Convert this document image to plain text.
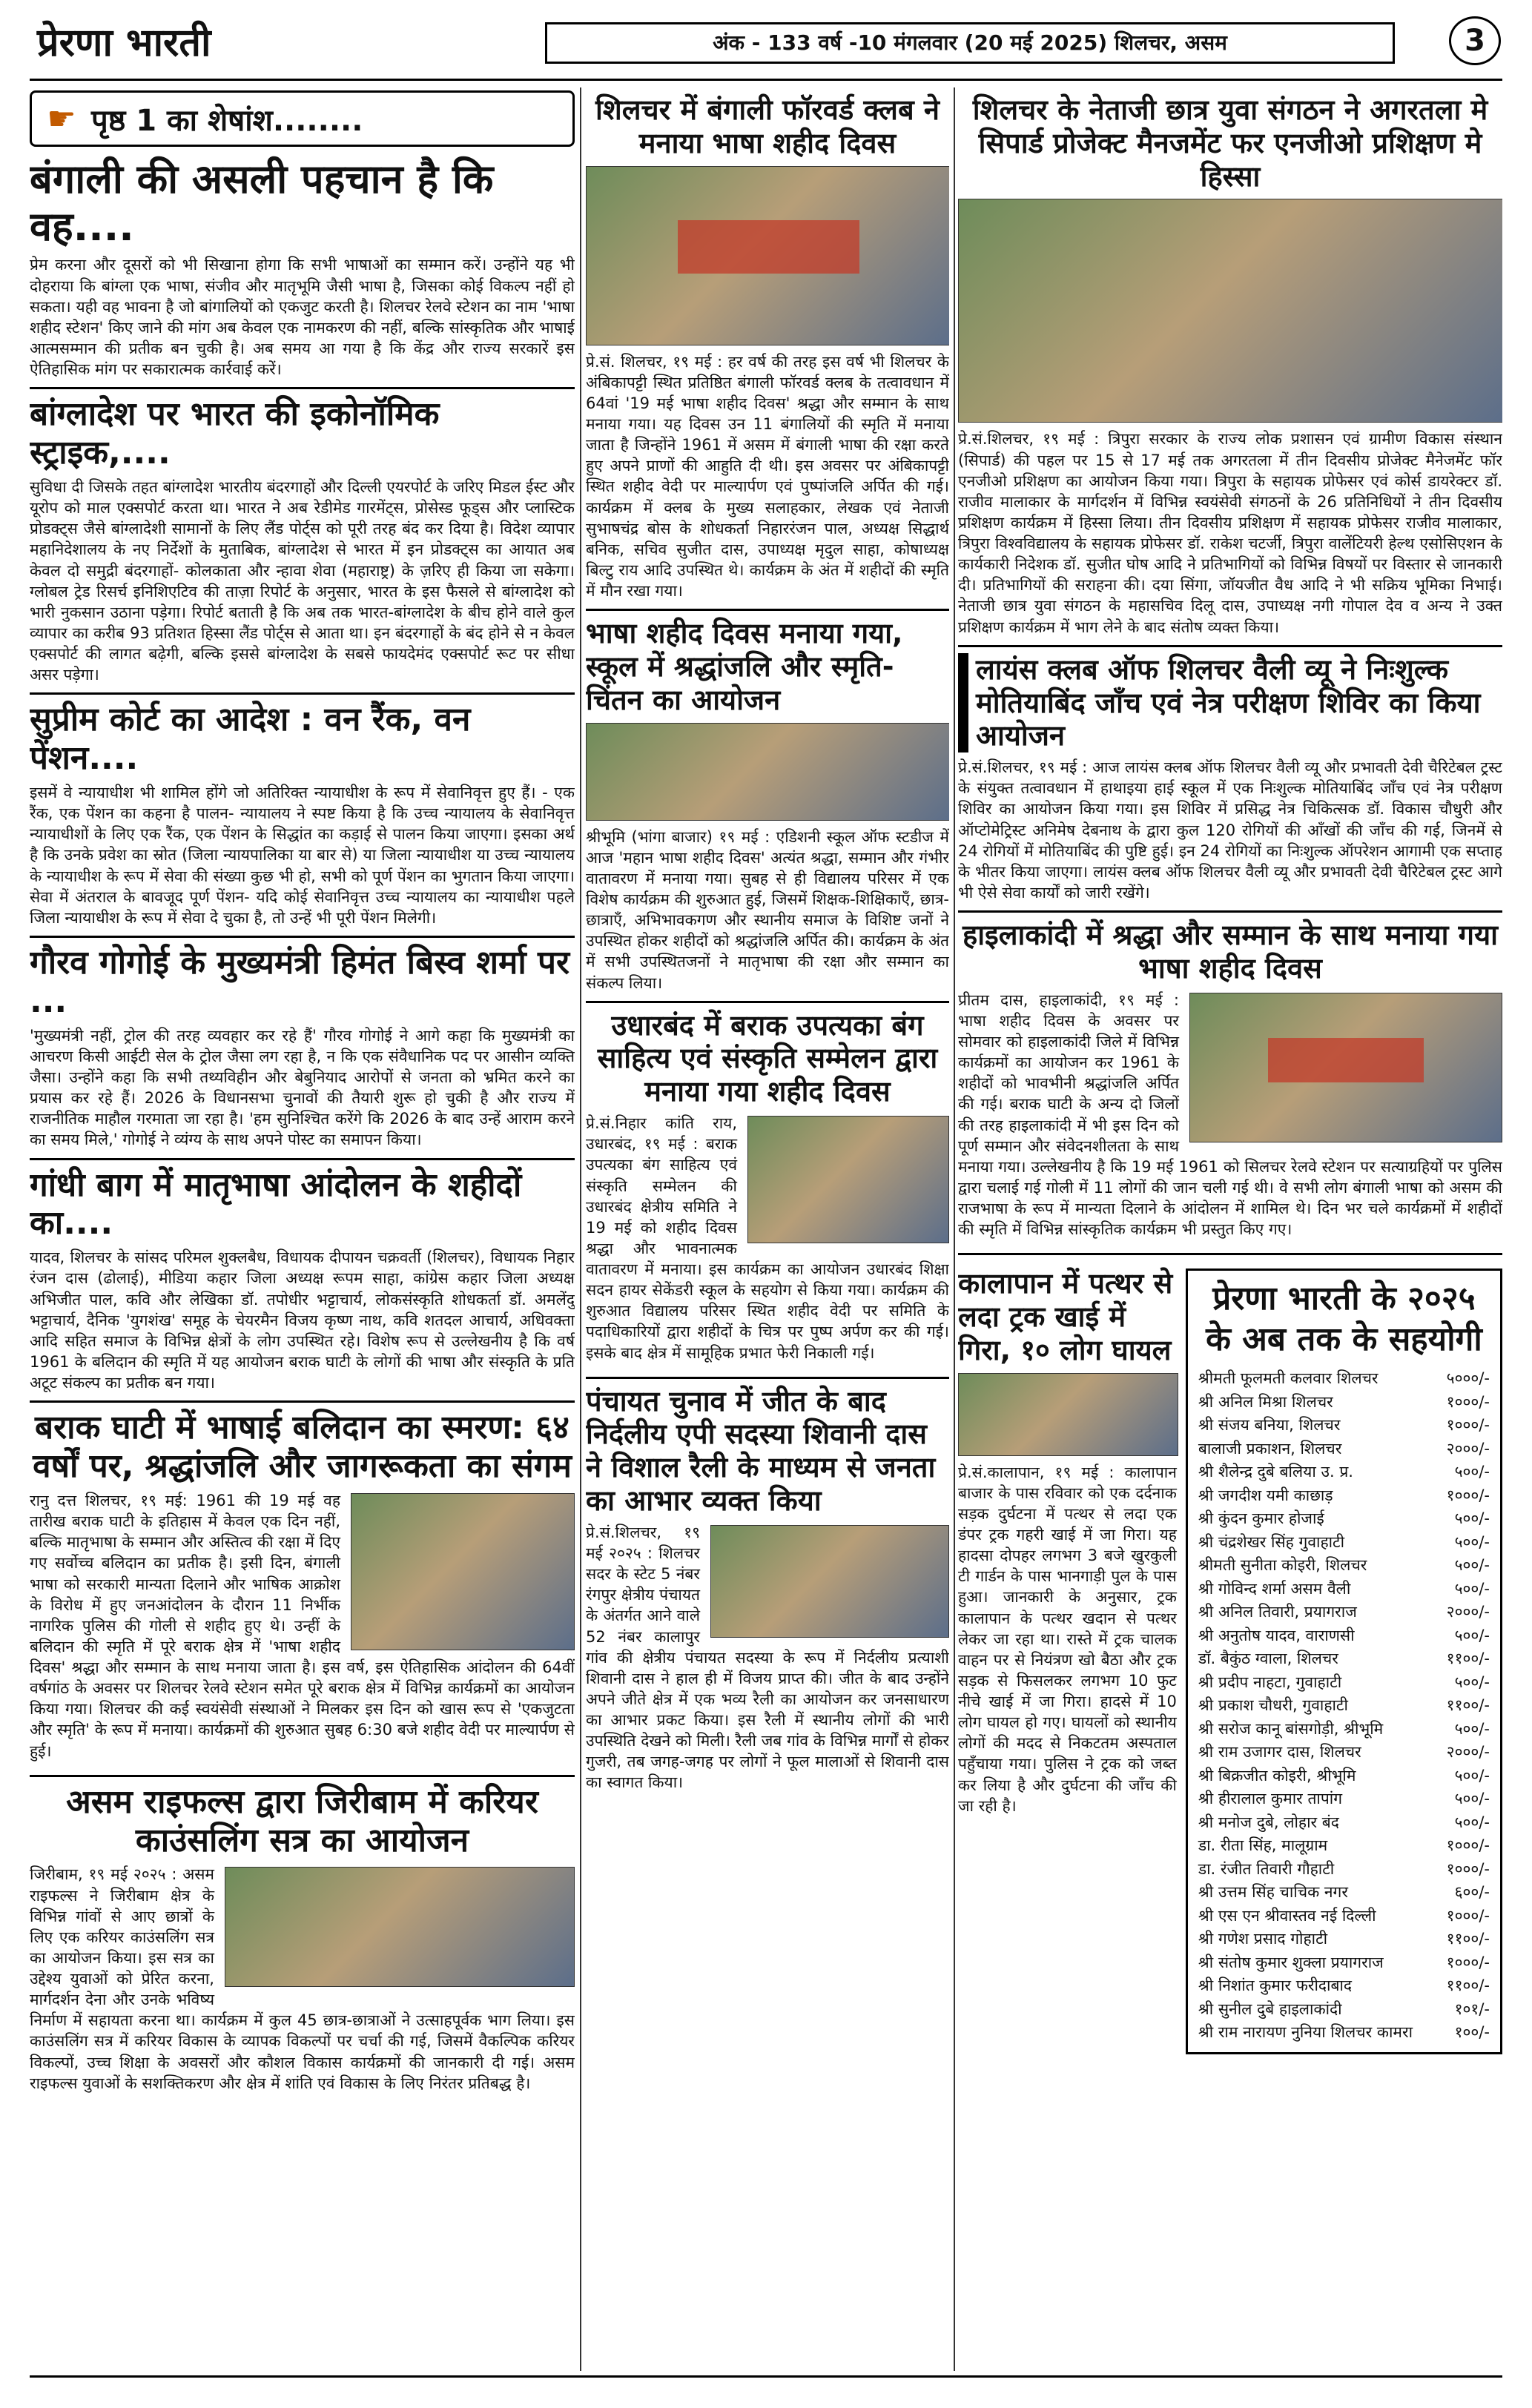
प्रेरणा भारती	अंक - 133 वर्ष -10 मंगलवार (20 मई 2025) शिलचर, असम	3
☛ पृष्ठ 1 का शेषांश........
बंगाली की असली पहचान है कि वह....

प्रेम करना और दूसरों को भी सिखाना होगा कि सभी भाषाओं का सम्मान करें। उन्होंने यह भी दोहराया कि बांग्ला एक भाषा, संजीव और मातृभूमि जैसी भाषा है, जिसका कोई विकल्प नहीं हो सकता। यही वह भावना है जो बांगालियों को एकजुट करती है। शिलचर रेलवे स्टेशन का नाम 'भाषा शहीद स्टेशन' किए जाने की मांग अब केवल एक नामकरण की नहीं, बल्कि सांस्कृतिक और भाषाई आत्मसम्मान की प्रतीक बन चुकी है। अब समय आ गया है कि केंद्र और राज्य सरकारें इस ऐतिहासिक मांग पर सकारात्मक कार्रवाई करें।

बांग्लादेश पर भारत की इकोनॉमिक स्ट्राइक,....

सुविधा दी जिसके तहत बांग्लादेश भारतीय बंदरगाहों और दिल्ली एयरपोर्ट के जरिए मिडल ईस्ट और यूरोप को माल एक्सपोर्ट करता था। भारत ने अब रेडीमेड गारमेंट्स, प्रोसेस्ड फूड्स और प्लास्टिक प्रोडक्ट्स जैसे बांग्लादेशी सामानों के लिए लैंड पोर्ट्स को पूरी तरह बंद कर दिया है। विदेश व्यापार महानिदेशालय के नए निर्देशों के मुताबिक, बांग्लादेश से भारत में इन प्रोडक्ट्स का आयात अब केवल दो समुद्री बंदरगाहों- कोलकाता और न्हावा शेवा (महाराष्ट्र) के ज़रिए ही किया जा सकेगा। ग्लोबल ट्रेड रिसर्च इनिशिएटिव की ताज़ा रिपोर्ट के अनुसार, भारत के इस फैसले से बांग्लादेश को भारी नुकसान उठाना पड़ेगा। रिपोर्ट बताती है कि अब तक भारत-बांग्लादेश के बीच होने वाले कुल व्यापार का करीब 93 प्रतिशत हिस्सा लैंड पोर्ट्स से आता था। इन बंदरगाहों के बंद होने से न केवल एक्सपोर्ट की लागत बढ़ेगी, बल्कि इससे बांग्लादेश के सबसे फायदेमंद एक्सपोर्ट रूट पर सीधा असर पड़ेगा।

सुप्रीम कोर्ट का आदेश : वन रैंक, वन पेंशन....

इसमें वे न्यायाधीश भी शामिल होंगे जो अतिरिक्त न्यायाधीश के रूप में सेवानिवृत्त हुए हैं। - एक रैंक, एक पेंशन का कहना है पालन- न्यायालय ने स्पष्ट किया है कि उच्च न्यायालय के सेवानिवृत्त न्यायाधीशों के लिए एक रैंक, एक पेंशन के सिद्धांत का कड़ाई से पालन किया जाएगा। इसका अर्थ है कि उनके प्रवेश का स्रोत (जिला न्यायपालिका या बार से) या जिला न्यायाधीश या उच्च न्यायालय के न्यायाधीश के रूप में सेवा की संख्या कुछ भी हो, सभी को पूर्ण पेंशन का भुगतान किया जाएगा। सेवा में अंतराल के बावजूद पूर्ण पेंशन- यदि कोई सेवानिवृत्त उच्च न्यायालय का न्यायाधीश पहले जिला न्यायाधीश के रूप में सेवा दे चुका है, तो उन्हें भी पूरी पेंशन मिलेगी।

गौरव गोगोई के मुख्यमंत्री हिमंत बिस्व शर्मा पर ...

'मुख्यमंत्री नहीं, ट्रोल की तरह व्यवहार कर रहे हैं' गौरव गोगोई ने आगे कहा कि मुख्यमंत्री का आचरण किसी आईटी सेल के ट्रोल जैसा लग रहा है, न कि एक संवैधानिक पद पर आसीन व्यक्ति जैसा। उन्होंने कहा कि सभी तथ्यविहीन और बेबुनियाद आरोपों से जनता को भ्रमित करने का प्रयास कर रहे हैं। 2026 के विधानसभा चुनावों की तैयारी शुरू हो चुकी है और राज्य में राजनीतिक माहौल गरमाता जा रहा है। 'हम सुनिश्चित करेंगे कि 2026 के बाद उन्हें आराम करने का समय मिले,' गोगोई ने व्यंग्य के साथ अपने पोस्ट का समापन किया।

गांधी बाग में मातृभाषा आंदोलन के शहीदों का....

यादव, शिलचर के सांसद परिमल शुक्लबैध, विधायक दीपायन चक्रवर्ती (शिलचर), विधायक निहार रंजन दास (ढोलाई), मीडिया कहार जिला अध्यक्ष रूपम साहा, कांग्रेस कहार जिला अध्यक्ष अभिजीत पाल, कवि और लेखिका डॉ. तपोधीर भट्टाचार्य, लोकसंस्कृति शोधकर्ता डॉ. अमलेंदु भट्टाचार्य, दैनिक 'युगशंख' समूह के चेयरमैन विजय कृष्ण नाथ, कवि शतदल आचार्य, अधिवक्ता आदि सहित समाज के विभिन्न क्षेत्रों के लोग उपस्थित रहे। विशेष रूप से उल्लेखनीय है कि वर्ष 1961 के बलिदान की स्मृति में यह आयोजन बराक घाटी के लोगों की भाषा और संस्कृति के प्रति अटूट संकल्प का प्रतीक बन गया।

बराक घाटी में भाषाई बलिदान का स्मरण: ६४ वर्षों पर, श्रद्धांजलि और जागरूकता का संगम

रानु दत्त शिलचर, १९ मई: 1961 की 19 मई वह तारीख बराक घाटी के इतिहास में केवल एक दिन नहीं, बल्कि मातृभाषा के सम्मान और अस्तित्व की रक्षा में दिए गए सर्वोच्च बलिदान का प्रतीक है। इसी दिन, बंगाली भाषा को सरकारी मान्यता दिलाने और भाषिक आक्रोश के विरोध में हुए जनआंदोलन के दौरान 11 निर्भीक नागरिक पुलिस की गोली से शहीद हुए थे। उन्हीं के बलिदान की स्मृति में पूरे बराक क्षेत्र में 'भाषा शहीद दिवस' श्रद्धा और सम्मान के साथ मनाया जाता है। इस वर्ष, इस ऐतिहासिक आंदोलन की 64वीं वर्षगांठ के अवसर पर शिलचर रेलवे स्टेशन समेत पूरे बराक क्षेत्र में विभिन्न कार्यक्रमों का आयोजन किया गया। शिलचर की कई स्वयंसेवी संस्थाओं ने मिलकर इस दिन को खास रूप से 'एकजुटता और स्मृति' के रूप में मनाया। कार्यक्रमों की शुरुआत सुबह 6:30 बजे शहीद वेदी पर माल्यार्पण से हुई।

असम राइफल्स द्वारा जिरीबाम में करियर काउंसलिंग सत्र का आयोजन

जिरीबाम, १९ मई २०२५ : असम राइफल्स ने जिरीबाम क्षेत्र के विभिन्न गांवों से आए छात्रों के लिए एक करियर काउंसलिंग सत्र का आयोजन किया। इस सत्र का उद्देश्य युवाओं को प्रेरित करना, मार्गदर्शन देना और उनके भविष्य निर्माण में सहायता करना था। कार्यक्रम में कुल 45 छात्र-छात्राओं ने उत्साहपूर्वक भाग लिया। इस काउंसलिंग सत्र में करियर विकास के व्यापक विकल्पों पर चर्चा की गई, जिसमें वैकल्पिक करियर विकल्पों, उच्च शिक्षा के अवसरों और कौशल विकास कार्यक्रमों की जानकारी दी गई। असम राइफल्स युवाओं के सशक्तिकरण और क्षेत्र में शांति एवं विकास के लिए निरंतर प्रतिबद्ध है।

शिलचर में बंगाली फॉरवर्ड क्लब ने मनाया भाषा शहीद दिवस

प्रे.सं. शिलचर, १९ मई : हर वर्ष की तरह इस वर्ष भी शिलचर के अंबिकापट्टी स्थित प्रतिष्ठित बंगाली फॉरवर्ड क्लब के तत्वावधान में 64वां '19 मई भाषा शहीद दिवस' श्रद्धा और सम्मान के साथ मनाया गया। यह दिवस उन 11 बंगालियों की स्मृति में मनाया जाता है जिन्होंने 1961 में असम में बंगाली भाषा की रक्षा करते हुए अपने प्राणों की आहुति दी थी। इस अवसर पर अंबिकापट्टी स्थित शहीद वेदी पर माल्यार्पण एवं पुष्पांजलि अर्पित की गई। कार्यक्रम में क्लब के मुख्य सलाहकार, लेखक एवं नेताजी सुभाषचंद्र बोस के शोधकर्ता निहाररंजन पाल, अध्यक्ष सिद्धार्थ बनिक, सचिव सुजीत दास, उपाध्यक्ष मृदुल साहा, कोषाध्यक्ष बिल्टु राय आदि उपस्थित थे। कार्यक्रम के अंत में शहीदों की स्मृति में मौन रखा गया।

भाषा शहीद दिवस मनाया गया, स्कूल में श्रद्धांजलि और स्मृति-चिंतन का आयोजन

श्रीभूमि (भांगा बाजार) १९ मई : एडिशनी स्कूल ऑफ स्टडीज में आज 'महान भाषा शहीद दिवस' अत्यंत श्रद्धा, सम्मान और गंभीर वातावरण में मनाया गया। सुबह से ही विद्यालय परिसर में एक विशेष कार्यक्रम की शुरुआत हुई, जिसमें शिक्षक-शिक्षिकाएँ, छात्र-छात्राएँ, अभिभावकगण और स्थानीय समाज के विशिष्ट जनों ने उपस्थित होकर शहीदों को श्रद्धांजलि अर्पित की। कार्यक्रम के अंत में सभी उपस्थितजनों ने मातृभाषा की रक्षा और सम्मान का संकल्प लिया।

उधारबंद में बराक उपत्यका बंग साहित्य एवं संस्कृति सम्मेलन द्वारा मनाया गया शहीद दिवस

प्रे.सं.निहार कांति राय, उधारबंद, १९ मई : बराक उपत्यका बंग साहित्य एवं संस्कृति सम्मेलन की उधारबंद क्षेत्रीय समिति ने 19 मई को शहीद दिवस श्रद्धा और भावनात्मक वातावरण में मनाया। इस कार्यक्रम का आयोजन उधारबंद शिक्षा सदन हायर सेकेंडरी स्कूल के सहयोग से किया गया। कार्यक्रम की शुरुआत विद्यालय परिसर स्थित शहीद वेदी पर समिति के पदाधिकारियों द्वारा शहीदों के चित्र पर पुष्प अर्पण कर की गई। इसके बाद क्षेत्र में सामूहिक प्रभात फेरी निकाली गई।

पंचायत चुनाव में जीत के बाद निर्दलीय एपी सदस्या शिवानी दास ने विशाल रैली के माध्यम से जनता का आभार व्यक्त किया

प्रे.सं.शिलचर, १९ मई २०२५ : शिलचर सदर के स्टेट 5 नंबर रंगपुर क्षेत्रीय पंचायत के अंतर्गत आने वाले 52 नंबर कालापुर गांव की क्षेत्रीय पंचायत सदस्या के रूप में निर्दलीय प्रत्याशी शिवानी दास ने हाल ही में विजय प्राप्त की। जीत के बाद उन्होंने अपने जीते क्षेत्र में एक भव्य रैली का आयोजन कर जनसाधारण का आभार प्रकट किया। इस रैली में स्थानीय लोगों की भारी उपस्थिति देखने को मिली। रैली जब गांव के विभिन्न मार्गों से होकर गुजरी, तब जगह-जगह पर लोगों ने फूल मालाओं से शिवानी दास का स्वागत किया।

शिलचर के नेताजी छात्र युवा संगठन ने अगरतला मे सिपार्ड प्रोजेक्ट मैनजमेंट फर एनजीओ प्रशिक्षण मे हिस्सा

प्रे.सं.शिलचर, १९ मई : त्रिपुरा सरकार के राज्य लोक प्रशासन एवं ग्रामीण विकास संस्थान (सिपार्ड) की पहल पर 15 से 17 मई तक अगरतला में तीन दिवसीय प्रोजेक्ट मैनेजमेंट फॉर एनजीओ प्रशिक्षण का आयोजन किया गया। त्रिपुरा के सहायक प्रोफेसर एवं कोर्स डायरेक्टर डॉ. राजीव मालाकार के मार्गदर्शन में विभिन्न स्वयंसेवी संगठनों के 26 प्रतिनिधियों ने तीन दिवसीय प्रशिक्षण कार्यक्रम में हिस्सा लिया। तीन दिवसीय प्रशिक्षण में सहायक प्रोफेसर राजीव मालाकार, त्रिपुरा विश्वविद्यालय के सहायक प्रोफेसर डॉ. राकेश चटर्जी, त्रिपुरा वालेंटियरी हेल्थ एसोसिएशन के कार्यकारी निदेशक डॉ. सुजीत घोष आदि ने प्रतिभागियों को विभिन्न विषयों पर विस्तार से जानकारी दी। प्रतिभागियों की सराहना की। दया सिंगा, जॉयजीत वैध आदि ने भी सक्रिय भूमिका निभाई। नेताजी छात्र युवा संगठन के महासचिव दिलू दास, उपाध्यक्ष नगी गोपाल देव व अन्य ने उक्त प्रशिक्षण कार्यक्रम में भाग लेने के बाद संतोष व्यक्त किया।

लायंस क्लब ऑफ शिलचर वैली व्यू ने निःशुल्क मोतियाबिंद जाँच एवं नेत्र परीक्षण शिविर का किया आयोजन

प्रे.सं.शिलचर, १९ मई : आज लायंस क्लब ऑफ शिलचर वैली व्यू और प्रभावती देवी चैरिटेबल ट्रस्ट के संयुक्त तत्वावधान में हाथाइया हाई स्कूल में एक निःशुल्क मोतियाबिंद जाँच एवं नेत्र परीक्षण शिविर का आयोजन किया गया। इस शिविर में प्रसिद्ध नेत्र चिकित्सक डॉ. विकास चौधुरी और ऑप्टोमेट्रिस्ट अनिमेष देबनाथ के द्वारा कुल 120 रोगियों की आँखों की जाँच की गई, जिनमें से 24 रोगियों में मोतियाबिंद की पुष्टि हुई। इन 24 रोगियों का निःशुल्क ऑपरेशन आगामी एक सप्ताह के भीतर किया जाएगा। लायंस क्लब ऑफ शिलचर वैली व्यू और प्रभावती देवी चैरिटेबल ट्रस्ट आगे भी ऐसे सेवा कार्यों को जारी रखेंगे।

हाइलाकांदी में श्रद्धा और सम्मान के साथ मनाया गया भाषा शहीद दिवस

प्रीतम दास, हाइलाकांदी, १९ मई : भाषा शहीद दिवस के अवसर पर सोमवार को हाइलाकांदी जिले में विभिन्न कार्यक्रमों का आयोजन कर 1961 के शहीदों को भावभीनी श्रद्धांजलि अर्पित की गई। बराक घाटी के अन्य दो जिलों की तरह हाइलाकांदी में भी इस दिन को पूर्ण सम्मान और संवेदनशीलता के साथ मनाया गया। उल्लेखनीय है कि 19 मई 1961 को सिलचर रेलवे स्टेशन पर सत्याग्रहियों पर पुलिस द्वारा चलाई गई गोली में 11 लोगों की जान चली गई थी। वे सभी लोग बंगाली भाषा को असम की राजभाषा के रूप में मान्यता दिलाने के आंदोलन में शामिल थे। दिन भर चले कार्यक्रमों में शहीदों की स्मृति में विभिन्न सांस्कृतिक कार्यक्रम भी प्रस्तुत किए गए।

कालापान में पत्थर से लदा ट्रक खाई में गिरा, १० लोग घायल

प्रे.सं.कालापान, १९ मई : कालापान बाजार के पास रविवार को एक दर्दनाक सड़क दुर्घटना में पत्थर से लदा एक डंपर ट्रक गहरी खाई में जा गिरा। यह हादसा दोपहर लगभग 3 बजे खुरकुली टी गार्डन के पास भानगाड़ी पुल के पास हुआ। जानकारी के अनुसार, ट्रक कालापान के पत्थर खदान से पत्थर लेकर जा रहा था। रास्ते में ट्रक चालक वाहन पर से नियंत्रण खो बैठा और ट्रक सड़क से फिसलकर लगभग 10 फुट नीचे खाई में जा गिरा। हादसे में 10 लोग घायल हो गए। घायलों को स्थानीय लोगों की मदद से निकटतम अस्पताल पहुँचाया गया। पुलिस ने ट्रक को जब्त कर लिया है और दुर्घटना की जाँच की जा रही है।

प्रेरणा भारती के २०२५ के अब तक के सहयोगी
श्रीमती फूलमती कलवार शिलचर	५०००/-
श्री अनिल मिश्रा शिलचर	१०००/-
श्री संजय बनिया, शिलचर	१०००/-
बालाजी प्रकाशन, शिलचर	२०००/-
श्री शैलेन्द्र दुबे बलिया उ. प्र.	५००/-
श्री जगदीश यमी काछाड़	१०००/-
श्री कुंदन कुमार होजाई	५००/-
श्री चंद्रशेखर सिंह गुवाहाटी	५००/-
श्रीमती सुनीता कोइरी, शिलचर	५००/-
श्री गोविन्द शर्मा असम वैली	५००/-
श्री अनिल तिवारी, प्रयागराज	२०००/-
श्री अनुतोष यादव, वाराणसी	५००/-
डॉ. बैकुंठ ग्वाला, शिलचर	११००/-
श्री प्रदीप नाहटा, गुवाहाटी	५००/-
श्री प्रकाश चौधरी, गुवाहाटी	११००/-
श्री सरोज कानू बांसगोड़ी, श्रीभूमि	५००/-
श्री राम उजागर दास, शिलचर	२०००/-
श्री बिक्रजीत कोइरी, श्रीभूमि	५००/-
श्री हीरालाल कुमार तापांग	५००/-
श्री मनोज दुबे, लोहार बंद	५००/-
डा. रीता सिंह, मालूग्राम	१०००/-
डा. रंजीत तिवारी गौहाटी	१०००/-
श्री उत्तम सिंह चाचिक नगर	६००/-
श्री एस एन श्रीवास्तव नई दिल्ली	१०००/-
श्री गणेश प्रसाद गोहाटी	११००/-
श्री संतोष कुमार शुक्ला प्रयागराज	१०००/-
श्री निशांत कुमार फरीदाबाद	११००/-
श्री सुनील दुबे हाइलाकांदी	१०१/-
श्री राम नारायण नुनिया शिलचर कामरा	१००/-
